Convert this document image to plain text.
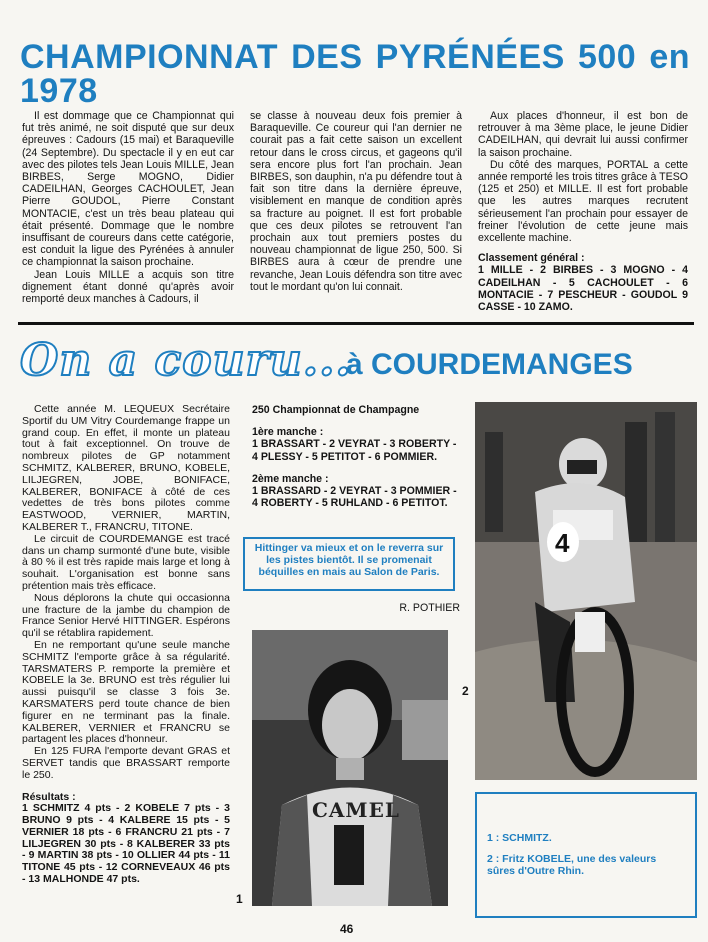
CHAMPIONNAT DES PYRÉNÉES 500 en
1978

Il est dommage que ce Championnat qui fut très animé, ne soit disputé que sur deux épreuves : Cadours (15 mai) et Baraqueville (24 Septembre). Du spectacle il y en eut car avec des pilotes tels Jean Louis MILLE, Jean BIRBES, Serge MOGNO, Didier CADEILHAN, Georges CACHOULET, Jean Pierre GOUDOL, Pierre Constant MONTACIE, c'est un très beau plateau qui était présenté. Dommage que le nombre insuffisant de coureurs dans cette catégorie, est conduit la ligue des Pyrénées à annuler ce championnat la saison prochaine.

Jean Louis MILLE a acquis son titre dignement étant donné qu'après avoir remporté deux manches à Cadours, il

se classe à nouveau deux fois premier à Baraqueville. Ce coureur qui l'an dernier ne courait pas a fait cette saison un excellent retour dans le cross circus, et gageons qu'il sera encore plus fort l'an prochain. Jean BIRBES, son dauphin, n'a pu défendre tout à fait son titre dans la dernière épreuve, visiblement en manque de condition après sa fracture au poignet. Il est fort probable que ces deux pilotes se retrouvent l'an prochain aux tout premiers postes du nouveau championnat de ligue 250, 500. Si BIRBES aura à cœur de prendre une revanche, Jean Louis défendra son titre avec tout le mordant qu'on lui connait.

Aux places d'honneur, il est bon de retrouver à ma 3ème place, le jeune Didier CADEILHAN, qui devrait lui aussi confirmer la saison prochaine.

Du côté des marques, PORTAL a cette année remporté les trois titres grâce à TESO (125 et 250) et MILLE. Il est fort probable que les autres marques recrutent sérieusement l'an prochain pour essayer de freiner l'évolution de cette jeune mais excellente machine.

Classement général :

1 MILLE - 2 BIRBES - 3 MOGNO - 4 CADEILHAN - 5 CACHOULET - 6 MONTACIE - 7 PESCHEUR - GOUDOL 9 CASSE - 10 ZAMO.

On a couru...
à COURDEMANGES

Cette année M. LEQUEUX Secrétaire Sportif du UM Vitry Courdemange frappe un grand coup. En effet, il monte un plateau tout à fait exceptionnel. On trouve de nombreux pilotes de GP notamment SCHMITZ, KALBERER, BRUNO, KOBELE, LILJEGREN, JOBE, BONIFACE, KALBERER, BONIFACE à côté de ces vedettes de très bons pilotes comme EASTWOOD, VERNIER, MARTIN, KALBERER T., FRANCRU, TITONE.

Le circuit de COURDEMANGE est tracé dans un champ surmonté d'une bute, visible à 80 % il est très rapide mais large et long à souhait. L'organisation est bonne sans prétention mais très efficace.

Nous déplorons la chute qui occasionna une fracture de la jambe du champion de France Senior Hervé HITTINGER. Espérons qu'il se rétablira rapidement.

En ne remportant qu'une seule manche SCHMITZ l'emporte grâce à sa régularité. TARSMATERS P. remporte la première et KOBELE la 3e. BRUNO est très régulier lui aussi puisqu'il se classe 3 fois 3e. KARSMATERS perd toute chance de bien figurer en ne terminant pas la finale. KALBERER, VERNIER et FRANCRU se partagent les places d'honneur.

En 125 FURA l'emporte devant GRAS et SERVET tandis que BRASSART remporte le 250.

Résultats :

1 SCHMITZ 4 pts - 2 KOBELE 7 pts - 3 BRUNO 9 pts - 4 KALBERE 15 pts - 5 VERNIER 18 pts - 6 FRANCRU 21 pts - 7 LILJEGREN 30 pts - 8 KALBERER 33 pts - 9 MARTIN 38 pts - 10 OLLIER 44 pts - 11 TITONE 45 pts - 12 CORNEVEAUX 46 pts - 13 MALHONDE 47 pts.

250 Championnat de Champagne

1ère manche :

1 BRASSART - 2 VEYRAT - 3 ROBERTY - 4 PLESSY - 5 PETITOT - 6 POMMIER.

2ème manche :

1 BRASSARD - 2 VEYRAT - 3 POMMIER - 4 ROBERTY - 5 RUHLAND - 6 PETITOT.

Hittinger va mieux et on le reverra sur les pistes bientôt. Il se promenait béquilles en mais au Salon de Paris.
R. POTHIER
CAMEL
1
4
2
1 : SCHMITZ.
2 : Fritz KOBELE, une des valeurs sûres d'Outre Rhin.
46
